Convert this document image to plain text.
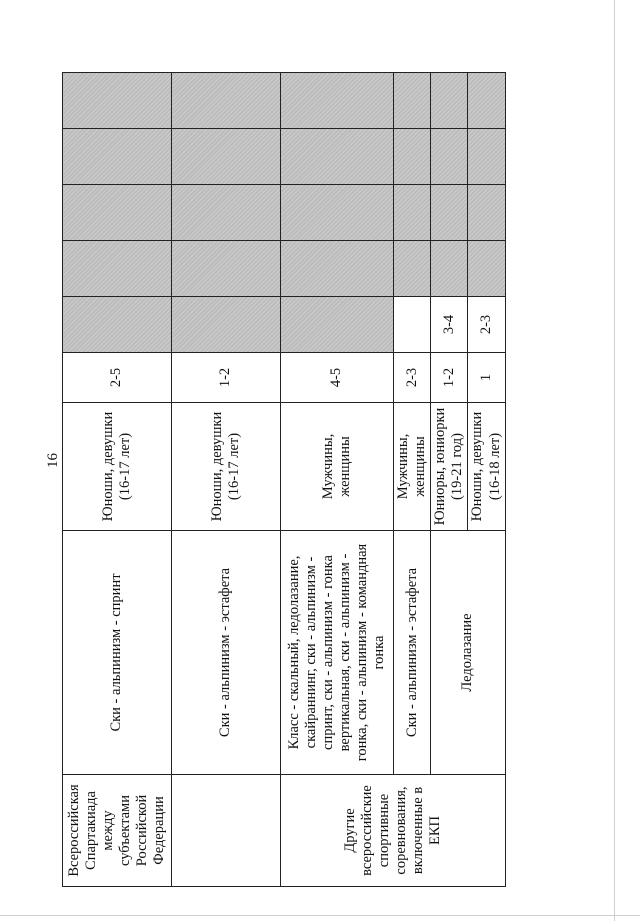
16
Всероссийская Спартакиада между субъектами Российской Федерации	Ски - альпинизм - спринт	Юноши, девушки (16-17 лет)	2-5					
	Ски - альпинизм - эстафета	Юноши, девушки (16-17 лет)	1-2					
Другие всероссийские спортивные соревнования, включенные в ЕКП	Класс - скальный, ледолазание, скайраннинг, ски - альпинизм - спринт, ски - альпинизм - гонка вертикальная, ски - альпинизм - гонка, ски - альпинизм - командная гонка	Мужчины, женщины	4-5					
	Ски - альпинизм - эстафета	Мужчины, женщины	2-3					
	Ледолазание	Юниоры, юниорки (19-21 год)	1-2	3-4				
		Юноши, девушки (16-18 лет)	1	2-3				
